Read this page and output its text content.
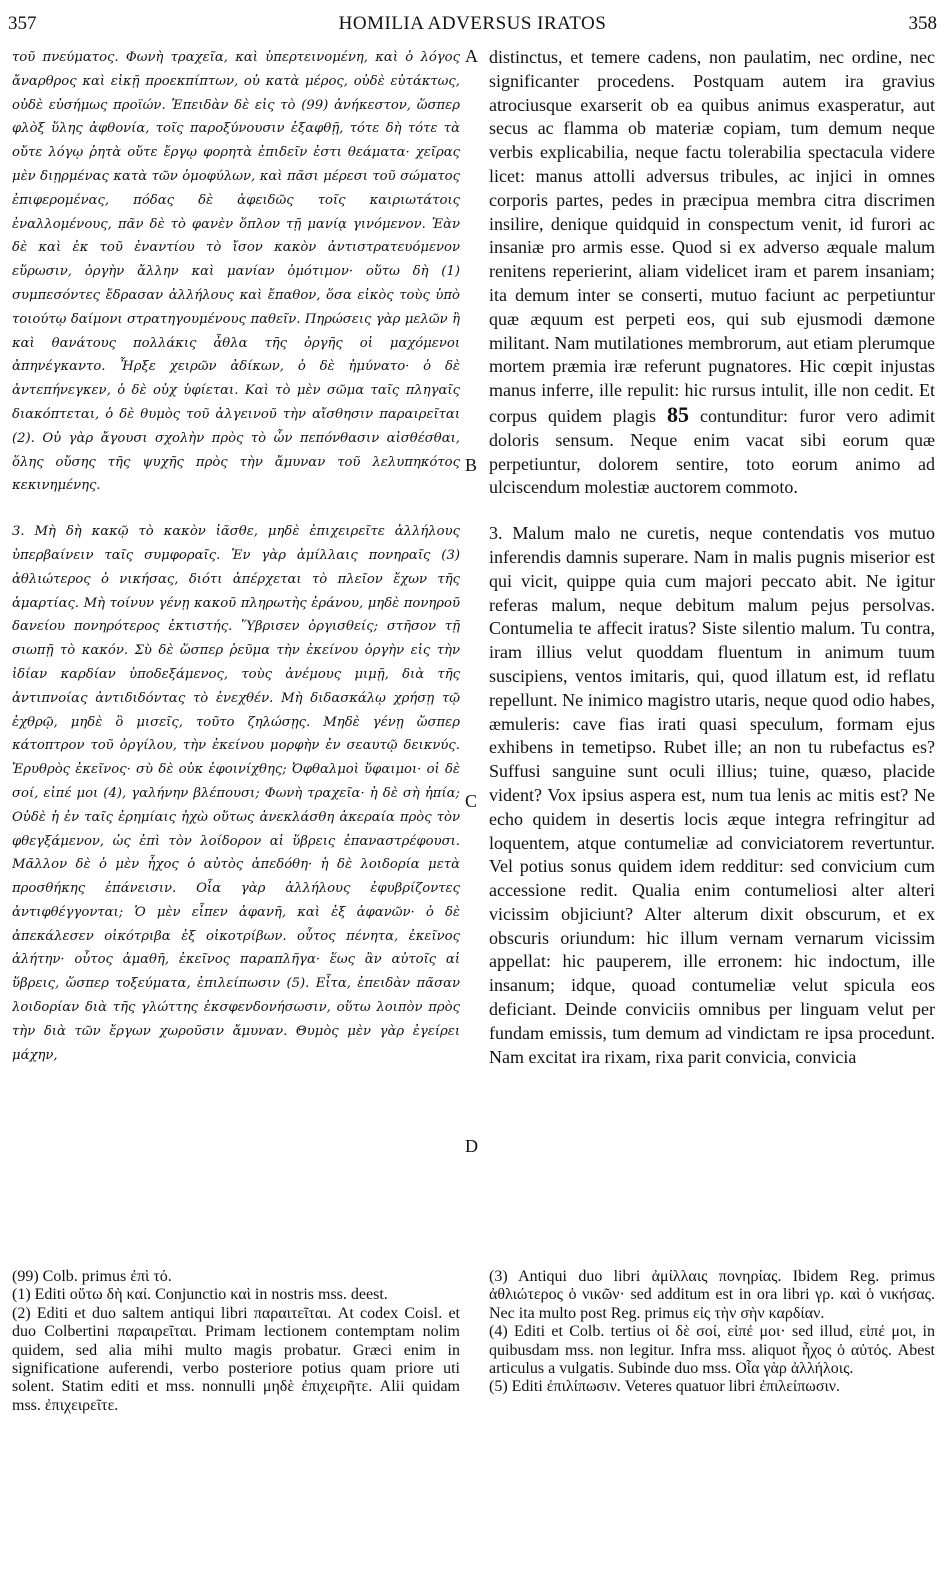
357	HOMILIA ADVERSUS IRATOS	358
A
B
C
D

τοῦ πνεύματος. Φωνὴ τραχεῖα, καὶ ὑπερτεινομένη, καὶ ὁ λόγος ἄναρθρος καὶ εἰκῇ προεκπίπτων, οὐ κατὰ μέρος, οὐδὲ εὐτάκτως, οὐδὲ εὐσήμως προϊών. Ἐπειδὰν δὲ εἰς τὸ (99) ἀνήκεστον, ὥσπερ φλὸξ ὕλης ἀφθονία, τοῖς παροξύνουσιν ἐξαφθῇ, τότε δὴ τότε τὰ οὔτε λόγῳ ῥητὰ οὔτε ἔργῳ φορητὰ ἐπιδεῖν ἐστι θεάματα· χεῖρας μὲν διῃρμένας κατὰ τῶν ὁμοφύλων, καὶ πᾶσι μέρεσι τοῦ σώματος ἐπιφερομένας, πόδας δὲ ἀφειδῶς τοῖς καιριωτάτοις ἐναλλομένους, πᾶν δὲ τὸ φανὲν ὅπλον τῇ μανίᾳ γινόμενον. Ἐὰν δὲ καὶ ἐκ τοῦ ἐναντίου τὸ ἴσον κακὸν ἀντιστρατευόμενον εὕρωσιν, ὀργὴν ἄλλην καὶ μανίαν ὁμότιμον· οὕτω δὴ (1) συμπεσόντες ἔδρασαν ἀλλήλους καὶ ἔπαθον, ὅσα εἰκὸς τοὺς ὑπὸ τοιούτῳ δαίμονι στρατηγουμένους παθεῖν. Πηρώσεις γὰρ μελῶν ἢ καὶ θανάτους πολλάκις ἆθλα τῆς ὀργῆς οἱ μαχόμενοι ἀπηνέγκαντο. Ἦρξε χειρῶν ἀδίκων, ὁ δὲ ἠμύνατο· ὁ δὲ ἀντεπήνεγκεν, ὁ δὲ οὐχ ὑφίεται. Καὶ τὸ μὲν σῶμα ταῖς πληγαῖς διακόπτεται, ὁ δὲ θυμὸς τοῦ ἀλγεινοῦ τὴν αἴσθησιν παραιρεῖται (2). Οὐ γὰρ ἄγουσι σχολὴν πρὸς τὸ ὧν πεπόνθασιν αἰσθέσθαι, ὅλης οὔσης τῆς ψυχῆς πρὸς τὴν ἄμυναν τοῦ λελυπηκότος κεκινημένης.

3. Μὴ δὴ κακῷ τὸ κακὸν ἰᾶσθε, μηδὲ ἐπιχειρεῖτε ἀλλήλους ὑπερβαίνειν ταῖς συμφοραῖς. Ἐν γὰρ ἁμίλλαις πονηραῖς (3) ἀθλιώτερος ὁ νικήσας, διότι ἀπέρχεται τὸ πλεῖον ἔχων τῆς ἁμαρτίας. Μὴ τοίνυν γένῃ κακοῦ πληρωτὴς ἐράνου, μηδὲ πονηροῦ δανείου πονηρότερος ἐκτιστής. Ὕβρισεν ὀργισθείς; στῆσον τῇ σιωπῇ τὸ κακόν. Σὺ δὲ ὥσπερ ῥεῦμα τὴν ἐκείνου ὀργὴν εἰς τὴν ἰδίαν καρδίαν ὑποδεξάμενος, τοὺς ἀνέμους μιμῇ, διὰ τῆς ἀντιπνοίας ἀντιδιδόντας τὸ ἐνεχθέν. Μὴ διδασκάλῳ χρήσῃ τῷ ἐχθρῷ, μηδὲ ὃ μισεῖς, τοῦτο ζηλώσῃς. Μηδὲ γένῃ ὥσπερ κάτοπτρον τοῦ ὀργίλου, τὴν ἐκείνου μορφὴν ἐν σεαυτῷ δεικνύς. Ἐρυθρὸς ἐκεῖνος· σὺ δὲ οὐκ ἐφοινίχθης; Ὀφθαλμοὶ ὕφαιμοι· οἱ δὲ σοί, εἰπέ μοι (4), γαλήνην βλέπουσι; Φωνὴ τραχεῖα· ἡ δὲ σὴ ἠπία; Οὐδὲ ἡ ἐν ταῖς ἐρημίαις ἠχὼ οὕτως ἀνεκλάσθη ἀκεραία πρὸς τὸν φθεγξάμενον, ὡς ἐπὶ τὸν λοίδορον αἱ ὕβρεις ἐπαναστρέφουσι. Μᾶλλον δὲ ὁ μὲν ἦχος ὁ αὐτὸς ἀπεδόθη· ἡ δὲ λοιδορία μετὰ προσθήκης ἐπάνεισιν. Οἷα γὰρ ἀλλήλους ἐφυβρίζοντες ἀντιφθέγγονται; Ὁ μὲν εἶπεν ἀφανῆ, καὶ ἐξ ἀφανῶν· ὁ δὲ ἀπεκάλεσεν οἰκότριβα ἐξ οἰκοτρίβων. οὗτος πένητα, ἐκεῖνος ἀλήτην· οὗτος ἀμαθῆ, ἐκεῖνος παραπλῆγα· ἕως ἂν αὐτοῖς αἱ ὕβρεις, ὥσπερ τοξεύματα, ἐπιλείπωσιν (5). Εἶτα, ἐπειδὰν πᾶσαν λοιδορίαν διὰ τῆς γλώττης ἐκσφενδονήσωσιν, οὕτω λοιπὸν πρὸς τὴν διὰ τῶν ἔργων χωροῦσιν ἄμυναν. Θυμὸς μὲν γὰρ ἐγείρει μάχην,

distinctus, et temere cadens, non paulatim, nec ordine, nec significanter procedens. Postquam autem ira gravius atrociusque exarserit ob ea quibus animus exasperatur, aut secus ac flamma ob materiæ copiam, tum demum neque verbis explicabilia, neque factu tolerabilia spectacula videre licet: manus attolli adversus tribules, ac injici in omnes corporis partes, pedes in præcipua membra citra discrimen insilire, denique quidquid in conspectum venit, id furori ac insaniæ pro armis esse. Quod si ex adverso æquale malum renitens reperierint, aliam videlicet iram et parem insaniam; ita demum inter se conserti, mutuo faciunt ac perpetiuntur quæ æquum est perpeti eos, qui sub ejusmodi dæmone militant. Nam mutilationes membrorum, aut etiam plerumque mortem præmia iræ referunt pugnatores. Hic cœpit injustas manus inferre, ille repulit: hic rursus intulit, ille non cedit. Et corpus quidem plagis 85 contunditur: furor vero adimit doloris sensum. Neque enim vacat sibi eorum quæ perpetiuntur, dolorem sentire, toto eorum animo ad ulciscendum molestiæ auctorem commoto.

3. Malum malo ne curetis, neque contendatis vos mutuo inferendis damnis superare. Nam in malis pugnis miserior est qui vicit, quippe quia cum majori peccato abit. Ne igitur referas malum, neque debitum malum pejus persolvas. Contumelia te affecit iratus? Siste silentio malum. Tu contra, iram illius velut quoddam fluentum in animum tuum suscipiens, ventos imitaris, qui, quod illatum est, id reflatu repellunt. Ne inimico magistro utaris, neque quod odio habes, æmuleris: cave fias irati quasi speculum, formam ejus exhibens in temetipso. Rubet ille; an non tu rubefactus es? Suffusi sanguine sunt oculi illius; tuine, quæso, placide vident? Vox ipsius aspera est, num tua lenis ac mitis est? Ne echo quidem in desertis locis æque integra refringitur ad loquentem, atque contumeliæ ad conviciatorem revertuntur. Vel potius sonus quidem idem redditur: sed convicium cum accessione redit. Qualia enim contumeliosi alter alteri vicissim objiciunt? Alter alterum dixit obscurum, et ex obscuris oriundum: hic illum vernam vernarum vicissim appellat: hic pauperem, ille erronem: hic indoctum, ille insanum; idque, quoad contumeliæ velut spicula eos deficiant. Deinde conviciis omnibus per linguam velut per fundam emissis, tum demum ad vindictam re ipsa procedunt. Nam excitat ira rixam, rixa parit convicia, convicia

(99) Colb. primus ἐπὶ τό.

(1) Editi οὕτω δὴ καί. Conjunctio καὶ in nostris mss. deest.

(2) Editi et duo saltem antiqui libri παραιτεῖται. At codex Coisl. et duo Colbertini παραιρεῖται. Primam lectionem contemptam nolim quidem, sed alia mihi multo magis probatur. Græci enim in significatione auferendi, verbo posteriore potius quam priore uti solent. Statim editi et mss. nonnulli μηδὲ ἐπιχειρῆτε. Alii quidam mss. ἐπιχειρεῖτε.

(3) Antiqui duo libri ἀμίλλαις πονηρίας. Ibidem Reg. primus ἀθλιώτερος ὁ νικῶν· sed additum est in ora libri γρ. καὶ ὁ νικήσας. Nec ita multo post Reg. primus εἰς τὴν σὴν καρδίαν.

(4) Editi et Colb. tertius οἱ δὲ σοί, εἰπέ μοι· sed illud, εἰπέ μοι, in quibusdam mss. non legitur. Infra mss. aliquot ἦχος ὁ αὐτός. Abest articulus a vulgatis. Subinde duo mss. Οἷα γὰρ ἀλλήλοις.

(5) Editi ἐπιλίπωσιν. Veteres quatuor libri ἐπιλείπωσιν.
